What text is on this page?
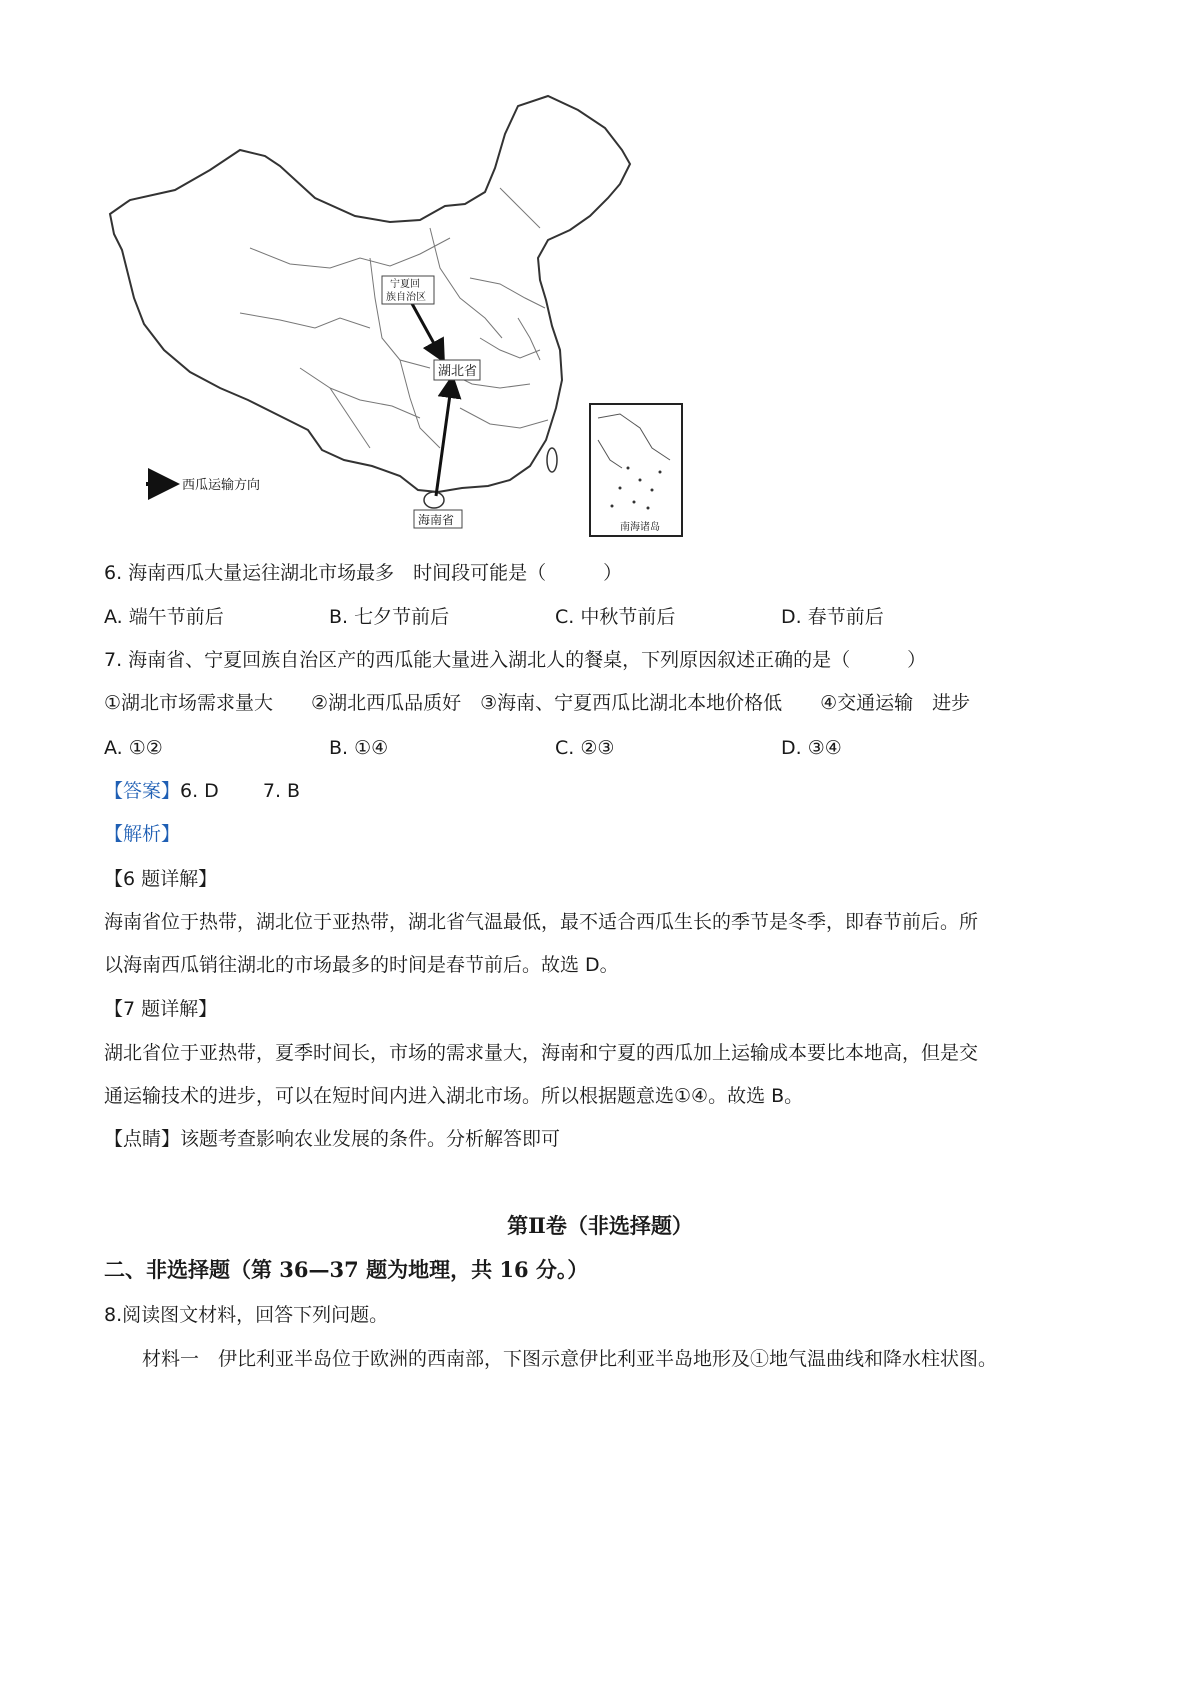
宁夏回
族自治区
湖北省
海南省
西瓜运输方向
南海诸岛
6. 海南西瓜大量运往湖北市场最多　时间段可能是（　　　）
A. 端午节前后	B. 七夕节前后	C. 中秋节前后	D. 春节前后
7. 海南省、宁夏回族自治区产的西瓜能大量进入湖北人的餐桌，下列原因叙述正确的是（　　　）
①湖北市场需求量大　　②湖北西瓜品质好　③海南、宁夏西瓜比湖北本地价格低　　④交通运输　进步
A. ①②	B. ①④	C. ②③	D. ③④
【答案】6. D　　 7. B
【解析】
【6 题详解】
海南省位于热带，湖北位于亚热带，湖北省气温最低，最不适合西瓜生长的季节是冬季，即春节前后。所
以海南西瓜销往湖北的市场最多的时间是春节前后。故选 D。
【7 题详解】
湖北省位于亚热带，夏季时间长，市场的需求量大，海南和宁夏的西瓜加上运输成本要比本地高，但是交
通运输技术的进步，可以在短时间内进入湖北市场。所以根据题意选①④。故选 B。
【点睛】该题考查影响农业发展的条件。分析解答即可
第Ⅱ卷（非选择题）
二、非选择题（第 36—37 题为地理，共 16 分。）
8.阅读图文材料，回答下列问题。
材料一　伊比利亚半岛位于欧洲的西南部，下图示意伊比利亚半岛地形及①地气温曲线和降水柱状图。
